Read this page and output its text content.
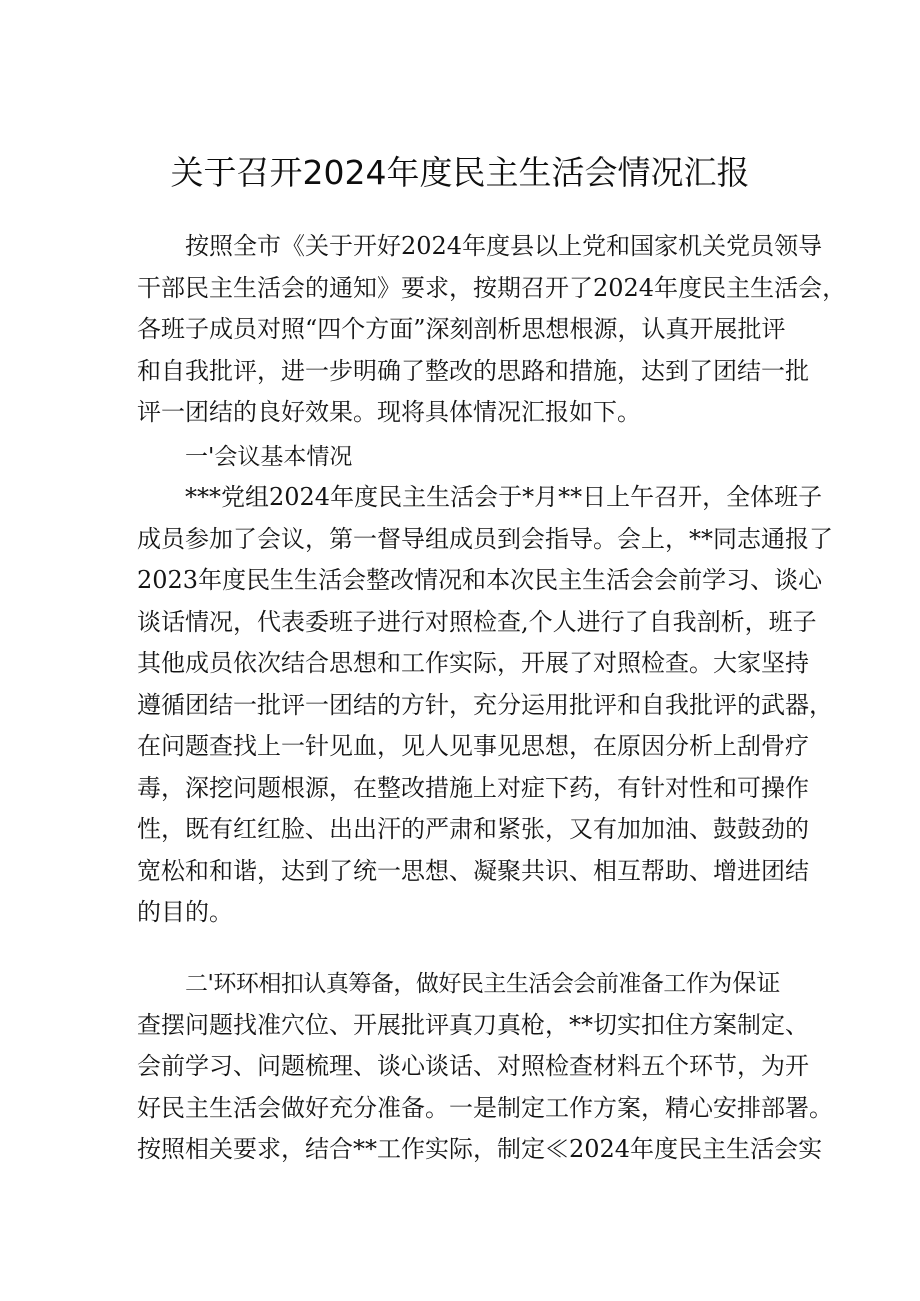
关于召开2024年度民主生活会情况汇报
按照全市《关于开好2024年度县以上党和国家机关党员领导
干部民主生活会的通知》要求，按期召开了2024年度民主生活会，
各班子成员对照“四个方面”深刻剖析思想根源，认真开展批评
和自我批评，进一步明确了整改的思路和措施，达到了团结一批
评一团结的良好效果。现将具体情况汇报如下。
一'会议基本情况
***党组2024年度民主生活会于*月**日上午召开，全体班子
成员参加了会议，第一督导组成员到会指导。会上，**同志通报了
2023年度民生生活会整改情况和本次民主生活会会前学习、谈心
谈话情况，代表委班子进行对照检查,个人进行了自我剖析，班子
其他成员依次结合思想和工作实际，开展了对照检查。大家坚持
遵循团结一批评一团结的方针，充分运用批评和自我批评的武器，
在问题查找上一针见血，见人见事见思想，在原因分析上刮骨疗
毒，深挖问题根源，在整改措施上对症下药，有针对性和可操作
性，既有红红脸、出出汗的严肃和紧张，又有加加油、鼓鼓劲的
宽松和和谐，达到了统一思想、凝聚共识、相互帮助、增进团结
的目的。
二'环环相扣认真筹备，做好民主生活会会前准备工作为保证
查摆问题找准穴位、开展批评真刀真枪，**切实扣住方案制定、
会前学习、问题梳理、谈心谈话、对照检查材料五个环节，为开
好民主生活会做好充分准备。一是制定工作方案，精心安排部署。
按照相关要求，结合**工作实际，制定≪2024年度民主生活会实
